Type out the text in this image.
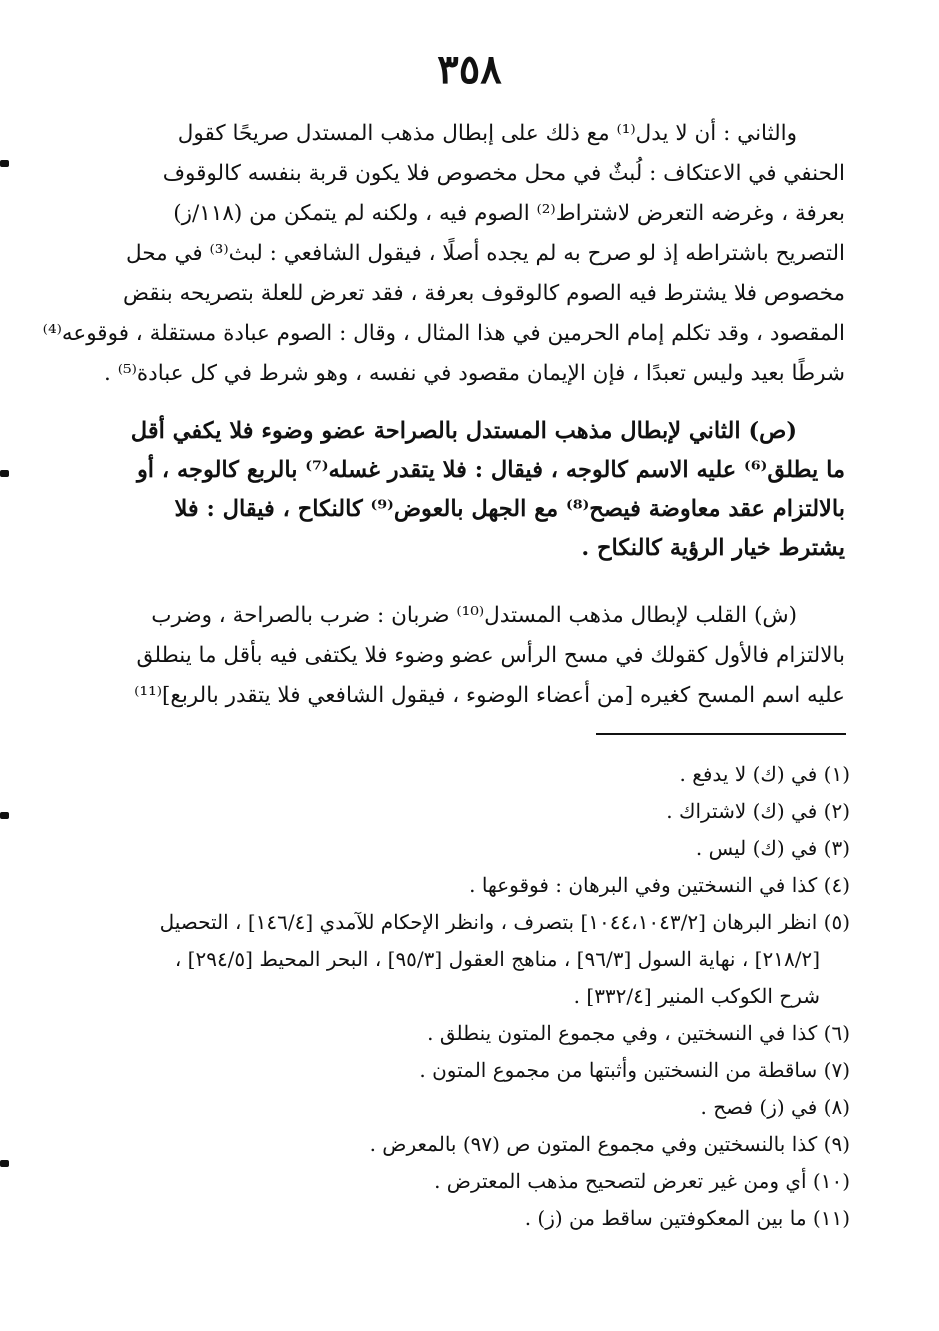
٣٥٨

والثاني : أن لا يدل⁽¹⁾ مع ذلك على إبطال مذهب المستدل صريحًا كقول
الحنفي في الاعتكاف : لُبثٌ في محل مخصوص فلا يكون قربة بنفسه كالوقوف
بعرفة ، وغرضه التعرض لاشتراط⁽²⁾ الصوم فيه ، ولكنه لم يتمكن من (١١٨/ز)
التصريح باشتراطه إذ لو صرح به لم يجده أصلًا ، فيقول الشافعي : لبث⁽³⁾ في محل
مخصوص فلا يشترط فيه الصوم كالوقوف بعرفة ، فقد تعرض للعلة بتصريحه بنقض
المقصود ، وقد تكلم إمام الحرمين في هذا المثال ، وقال : الصوم عبادة مستقلة ، فوقوعه⁽⁴⁾
شرطًا بعيد وليس تعبدًا ، فإن الإيمان مقصود في نفسه ، وهو شرط في كل عبادة⁽⁵⁾ .

(ص) الثاني لإبطال مذهب المستدل بالصراحة عضو وضوء فلا يكفي أقل
ما يطلق⁽⁶⁾ عليه الاسم كالوجه ، فيقال : فلا يتقدر غسله⁽⁷⁾ بالربع كالوجه ، أو
بالالتزام عقد معاوضة فيصح⁽⁸⁾ مع الجهل بالعوض⁽⁹⁾ كالنكاح ، فيقال : فلا
يشترط خيار الرؤية كالنكاح .

(ش) القلب لإبطال مذهب المستدل⁽¹⁰⁾ ضربان : ضرب بالصراحة ، وضرب
بالالتزام فالأول كقولك في مسح الرأس عضو وضوء فلا يكتفى فيه بأقل ما ينطلق
عليه اسم المسح كغيره [من أعضاء الوضوء ، فيقول الشافعي فلا يتقدر بالربع]⁽¹¹⁾

(١) في (ك) لا يدفع .
(٢) في (ك) لاشتراك .
(٣) في (ك) ليس .
(٤) كذا في النسختين وفي البرهان : فوقوعها .
(٥) انظر البرهان [١٠٤٤،١٠٤٣/٢] بتصرف ، وانظر الإحكام للآمدي [١٤٦/٤] ، التحصيل
[٢١٨/٢] ، نهاية السول [٩٦/٣] ، مناهج العقول [٩٥/٣] ، البحر المحيط [٢٩٤/٥] ،
شرح الكوكب المنير [٣٣٢/٤] .
(٦) كذا في النسختين ، وفي مجموع المتون ينطلق .
(٧) ساقطة من النسختين وأثبتها من مجموع المتون .
(٨) في (ز) فصح .
(٩) كذا بالنسختين وفي مجموع المتون ص (٩٧) بالمعرض .
(١٠) أي ومن غير تعرض لتصحيح مذهب المعترض .
(١١) ما بين المعكوفتين ساقط من (ز) .
